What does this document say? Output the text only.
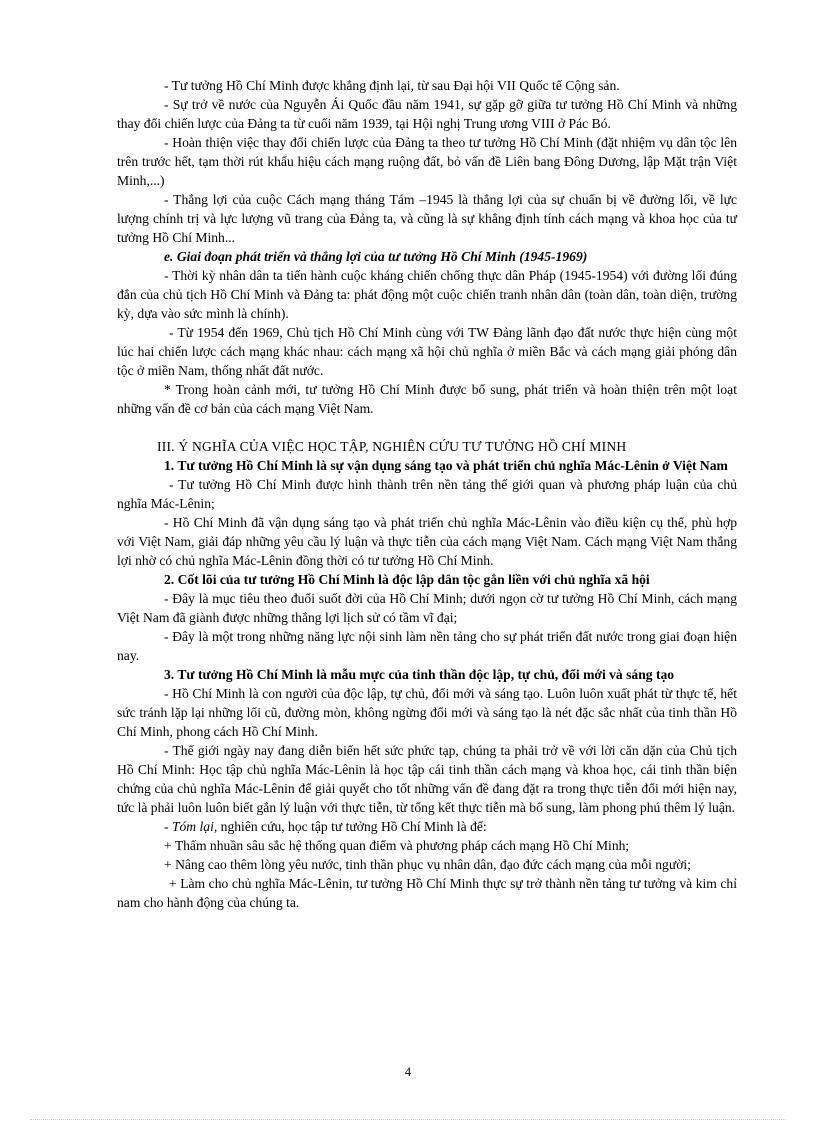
- Tư tưởng Hồ Chí Minh được khẳng định lại, từ sau Đại hội VII Quốc tế Cộng sản.

- Sự trở về nước của Nguyễn Ái Quốc đầu năm 1941, sự gặp gỡ giữa tư tưởng Hồ Chí Minh và những thay đổi chiến lược của Đảng ta từ cuối năm 1939, tại Hội nghị Trung ương VIII ở Pác Bó.

- Hoàn thiện việc thay đổi chiến lược của Đảng ta theo tư tưởng Hồ Chí Minh (đặt nhiệm vụ dân tộc lên trên trước hết, tạm thời rút khẩu hiệu cách mạng ruộng đất, bỏ vấn đề Liên bang Đông Dương, lập Mặt trận Việt Minh,...)

- Thắng lợi của cuộc Cách mạng tháng Tám –1945 là thắng lợi của sự chuẩn bị về đường lối, về lực lượng chính trị và lực lượng vũ trang của Đảng ta, và cũng là sự khẳng định tính cách mạng và khoa học của tư tưởng Hồ Chí Minh...

e. Giai đoạn phát triển và thắng lợi của tư tưởng Hồ Chí Minh (1945-1969)

- Thời kỳ nhân dân ta tiến hành cuộc kháng chiến chống thực dân Pháp (1945-1954) với đường lối đúng đắn của chủ tịch Hồ Chí Minh và Đảng ta: phát động một cuộc chiến tranh nhân dân (toàn dân, toàn diện, trường kỳ, dựa vào sức mình là chính).

- Từ 1954 đến 1969, Chủ tịch Hồ Chí Minh cùng với TW Đảng lãnh đạo đất nước thực hiện cùng một lúc hai chiến lược cách mạng khác nhau: cách mạng xã hội chủ nghĩa ở miền Bắc và cách mạng giải phóng dân tộc ở miền Nam, thống nhất đất nước.

* Trong hoàn cảnh mới, tư tưởng Hồ Chí Minh được bổ sung, phát triển và hoàn thiện trên một loạt những vấn đề cơ bản của cách mạng Việt Nam.

III. Ý NGHĨA CỦA VIỆC HỌC TẬP, NGHIÊN CỨU TƯ TƯỞNG HỒ CHÍ MINH

1. Tư tưởng Hồ Chí Minh là sự vận dụng sáng tạo và phát triển chủ nghĩa Mác-Lênin ở Việt Nam

- Tư tưởng Hồ Chí Minh được hình thành trên nền tảng thế giới quan và phương pháp luận của chủ nghĩa Mác-Lênin;

- Hồ Chí Minh đã vận dụng sáng tạo và phát triển chủ nghĩa Mác-Lênin vào điều kiện cụ thể, phù hợp với Việt Nam, giải đáp những yêu cầu lý luận và thực tiễn của cách mạng Việt Nam. Cách mạng Việt Nam thắng lợi nhờ có chủ nghĩa Mác-Lênin đồng thời có tư tưởng Hồ Chí Minh.

2. Cốt lõi của tư tưởng Hồ Chí Minh là độc lập dân tộc gắn liền với chủ nghĩa xã hội

- Đây là mục tiêu theo đuổi suốt đời của Hồ Chí Minh; dưới ngọn cờ tư tưởng Hồ Chí Minh, cách mạng Việt Nam đã giành được những thắng lợi lịch sử có tầm vĩ đại;

- Đây là một trong những năng lực nội sinh làm nền tảng cho sự phát triển đất nước trong giai đoạn hiện nay.

3. Tư tưởng Hồ Chí Minh là mẫu mực của tinh thần độc lập, tự chủ, đổi mới và sáng tạo

- Hồ Chí Minh là con người của độc lập, tự chủ, đổi mới và sáng tạo. Luôn luôn xuất phát từ thực tế, hết sức tránh lặp lại những lối cũ, đường mòn, không ngừng đổi mới và sáng tạo là nét đặc sắc nhất của tinh thần Hồ Chí Minh, phong cách Hồ Chí Minh.

- Thế giới ngày nay đang diễn biến hết sức phức tạp, chúng ta phải trở về với lời căn dặn của Chủ tịch Hồ Chí Minh: Học tập chủ nghĩa Mác-Lênin là học tập cái tinh thần cách mạng và khoa học, cái tinh thần biện chứng của chủ nghĩa Mác-Lênin để giải quyết cho tốt những vấn đề đang đặt ra trong thực tiễn đổi mới hiện nay, tức là phải luôn luôn biết gắn lý luận với thực tiễn, từ tổng kết thực tiễn mà bổ sung, làm phong phú thêm lý luận.

- Tóm lại, nghiên cứu, học tập tư tưởng Hồ Chí Minh là để:

+ Thấm nhuần sâu sắc hệ thống quan điểm và phương pháp cách mạng Hồ Chí Minh;

+ Nâng cao thêm lòng yêu nước, tinh thần phục vụ nhân dân, đạo đức cách mạng của mỗi người;

+ Làm cho chủ nghĩa Mác-Lênin, tư tưởng Hồ Chí Minh thực sự trở thành nền tảng tư tưởng và kim chỉ nam cho hành động của chúng ta.

4
